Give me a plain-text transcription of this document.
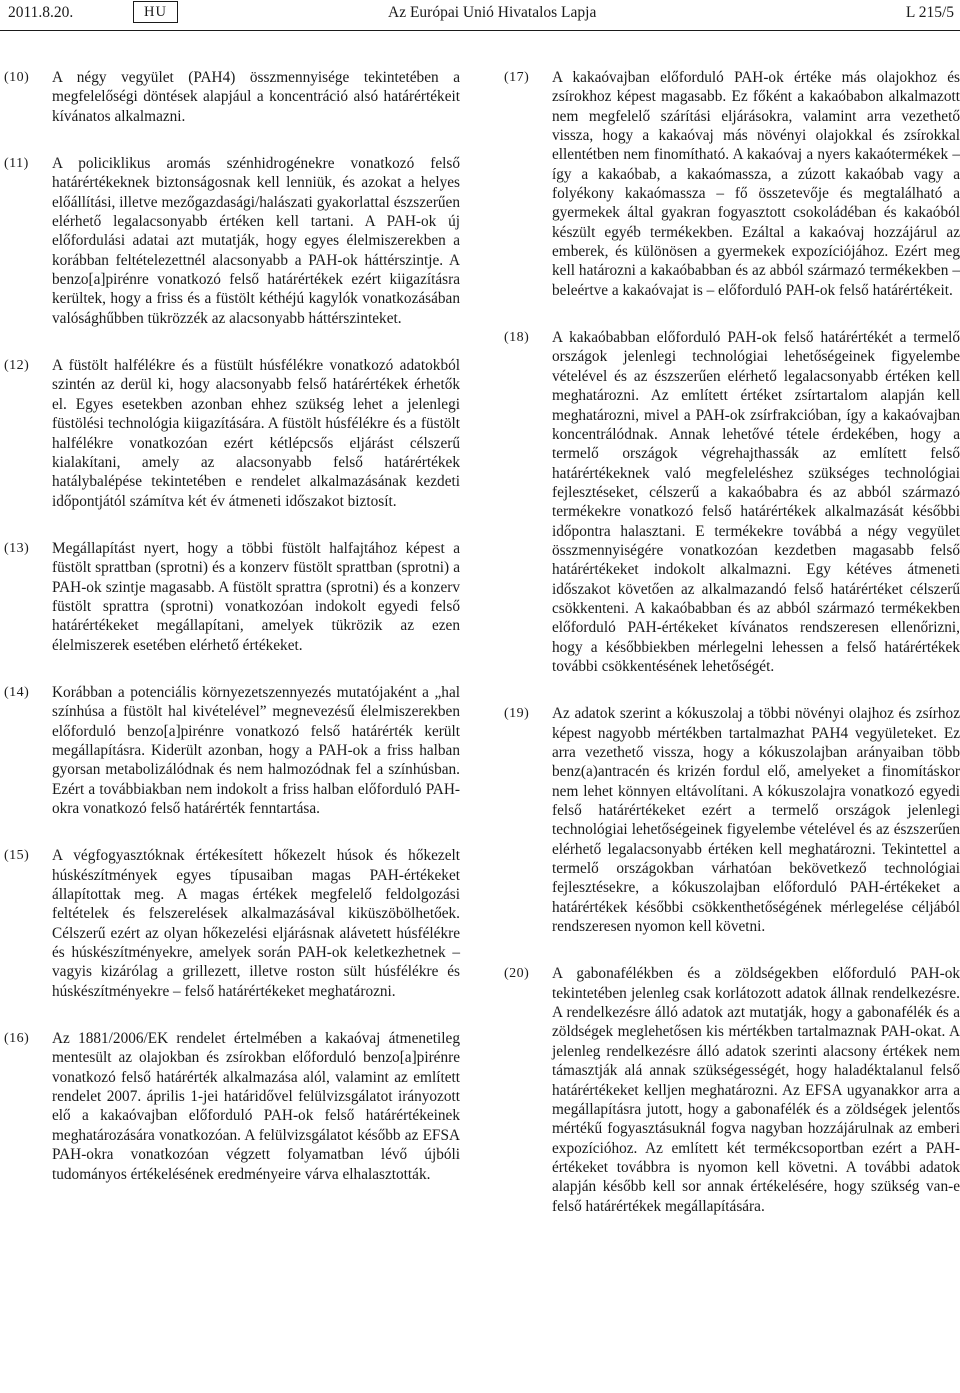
2011.8.20.	HU	Az Európai Unió Hivatalos Lapja	L 215/5
(10) A négy vegyület (PAH4) összmennyisége tekintetében a megfelelőségi döntések alapjául a koncentráció alsó határértékeit kívánatos alkalmazni.
(11) A policiklikus aromás szénhidrogénekre vonatkozó felső határértékeknek biztonságosnak kell lenniük, és azokat a helyes előállítási, illetve mezőgazdasági/halászati gyakorlattal észszerűen elérhető legalacsonyabb értéken kell tartani. A PAH-ok új előfordulási adatai azt mutatják, hogy egyes élelmiszerekben a korábban feltételezettnél alacsonyabb a PAH-ok háttérszintje. A benzo[a]pirénre vonatkozó felső határértékek ezért kiigazításra kerültek, hogy a friss és a füstölt kéthéjú kagylók vonatkozásában valósághűbben tükrözzék az alacsonyabb háttérszinteket.
(12) A füstölt halfélékre és a füstült húsfélékre vonatkozó adatokból szintén az derül ki, hogy alacsonyabb felső határértékek érhetők el. Egyes esetekben azonban ehhez szükség lehet a jelenlegi füstölési technológia kiigazítására. A füstölt húsfélékre és a füstölt halfélékre vonatkozóan ezért kétlépcsős eljárást célszerű kialakítani, amely az alacsonyabb felső határértékek hatálybalépése tekintetében e rendelet alkalmazásának kezdeti időpontjától számítva két év átmeneti időszakot biztosít.
(13) Megállapítást nyert, hogy a többi füstölt halfajtához képest a füstölt sprattban (sprotni) és a konzerv füstölt sprattban (sprotni) a PAH-ok szintje magasabb. A füstölt sprattra (sprotni) és a konzerv füstölt sprattra (sprotni) vonatkozóan indokolt egyedi felső határértékeket megállapítani, amelyek tükrözik az ezen élelmiszerek esetében elérhető értékeket.
(14) Korábban a potenciális környezetszennyezés mutatójaként a „hal színhúsa a füstölt hal kivételével” megnevezésű élelmiszerekben előforduló benzo[a]pirénre vonatkozó felső határérték került megállapításra. Kiderült azonban, hogy a PAH-ok a friss halban gyorsan metabolizálódnak és nem halmozódnak fel a színhúsban. Ezért a továbbiakban nem indokolt a friss halban előforduló PAH-okra vonatkozó felső határérték fenntartása.
(15) A végfogyasztóknak értékesített hőkezelt húsok és hőkezelt húskészítmények egyes típusaiban magas PAH-értékeket állapítottak meg. A magas értékek megfelelő feldolgozási feltételek és felszerelések alkalmazásával kiküszöbölhetőek. Célszerű ezért az olyan hőkezelési eljárásnak alávetett húsfélékre és húskészítményekre, amelyek során PAH-ok keletkezhetnek – vagyis kizárólag a grillezett, illetve roston sült húsfélékre és húskészítményekre – felső határértékeket meghatározni.
(16) Az 1881/2006/EK rendelet értelmében a kakaóvaj átmenetileg mentesült az olajokban és zsírokban előforduló benzo[a]pirénre vonatkozó felső határérték alkalmazása alól, valamint az említett rendelet 2007. április 1-jei határidővel felülvizsgálatot irányozott elő a kakaóvajban előforduló PAH-ok felső határértékeinek meghatározására vonatkozóan. A felülvizsgálatot később az EFSA PAH-okra vonatkozóan végzett folyamatban lévő újbóli tudományos értékelésének eredményeire várva elhalasztották.
(17) A kakaóvajban előforduló PAH-ok értéke más olajokhoz és zsírokhoz képest magasabb. Ez főként a kakaóbabon alkalmazott nem megfelelő szárítási eljárásokra, valamint arra vezethető vissza, hogy a kakaóvaj más növényi olajokkal és zsírokkal ellentétben nem finomítható. A kakaóvaj a nyers kakaótermékek – így a kakaóbab, a kakaómassza, a zúzott kakaóbab vagy a folyékony kakaómassza – fő összetevője és megtalálható a gyermekek által gyakran fogyasztott csokoládéban és kakaóból készült egyéb termékekben. Ezáltal a kakaóvaj hozzájárul az emberek, és különösen a gyermekek expozíciójához. Ezért meg kell határozni a kakaóbabban és az abból származó termékekben – beleértve a kakaóvajat is – előforduló PAH-ok felső határértékeit.
(18) A kakaóbabban előforduló PAH-ok felső határértékét a termelő országok jelenlegi technológiai lehetőségeinek figyelembe vételével és az észszerűen elérhető legalacsonyabb értéken kell meghatározni. Az említett értéket zsírtartalom alapján kell meghatározni, mivel a PAH-ok zsírfrakcióban, így a kakaóvajban koncentrálódnak. Annak lehetővé tétele érdekében, hogy a termelő országok végrehajthassák az említett felső határértékeknek való megfeleléshez szükséges technológiai fejlesztéseket, célszerű a kakaóbabra és az abból származó termékekre vonatkozó felső határértékek alkalmazását későbbi időpontra halasztani. E termékekre továbbá a négy vegyület összmennyiségére vonatkozóan kezdetben magasabb felső határértékeket indokolt alkalmazni. Egy kétéves átmeneti időszakot követően az alkalmazandó felső határértéket célszerű csökkenteni. A kakaóbabban és az abból származó termékekben előforduló PAH-értékeket kívánatos rendszeresen ellenőrizni, hogy a későbbiekben mérlegelni lehessen a felső határértékek további csökkentésének lehetőségét.
(19) Az adatok szerint a kókuszolaj a többi növényi olajhoz és zsírhoz képest nagyobb mértékben tartalmazhat PAH4 vegyületeket. Ez arra vezethető vissza, hogy a kókuszolajban arányaiban több benz(a)antracén és krizén fordul elő, amelyeket a finomításkor nem lehet könnyen eltávolítani. A kókuszolajra vonatkozó egyedi felső határértékeket ezért a termelő országok jelenlegi technológiai lehetőségeinek figyelembe vételével és az észszerűen elérhető legalacsonyabb értéken kell meghatározni. Tekintettel a termelő országokban várhatóan bekövetkező technológiai fejlesztésekre, a kókuszolajban előforduló PAH-értékeket a határértékek későbbi csökkenthetőségének mérlegelése céljából rendszeresen nyomon kell követni.
(20) A gabonafélékben és a zöldségekben előforduló PAH-ok tekintetében jelenleg csak korlátozott adatok állnak rendelkezésre. A rendelkezésre álló adatok azt mutatják, hogy a gabonafélék és a zöldségek meglehetősen kis mértékben tartalmaznak PAH-okat. A jelenleg rendelkezésre álló adatok szerinti alacsony értékek nem támasztják alá annak szükségességét, hogy haladéktalanul felső határértékeket kelljen meghatározni. Az EFSA ugyanakkor arra a megállapításra jutott, hogy a gabonafélék és a zöldségek jelentős mértékű fogyasztásuknál fogva nagyban hozzájárulnak az emberi expozícióhoz. Az említett két termékcsoportban ezért a PAH-értékeket továbbra is nyomon kell követni. A további adatok alapján később kell sor annak értékelésére, hogy szükség van-e felső határértékek megállapítására.
